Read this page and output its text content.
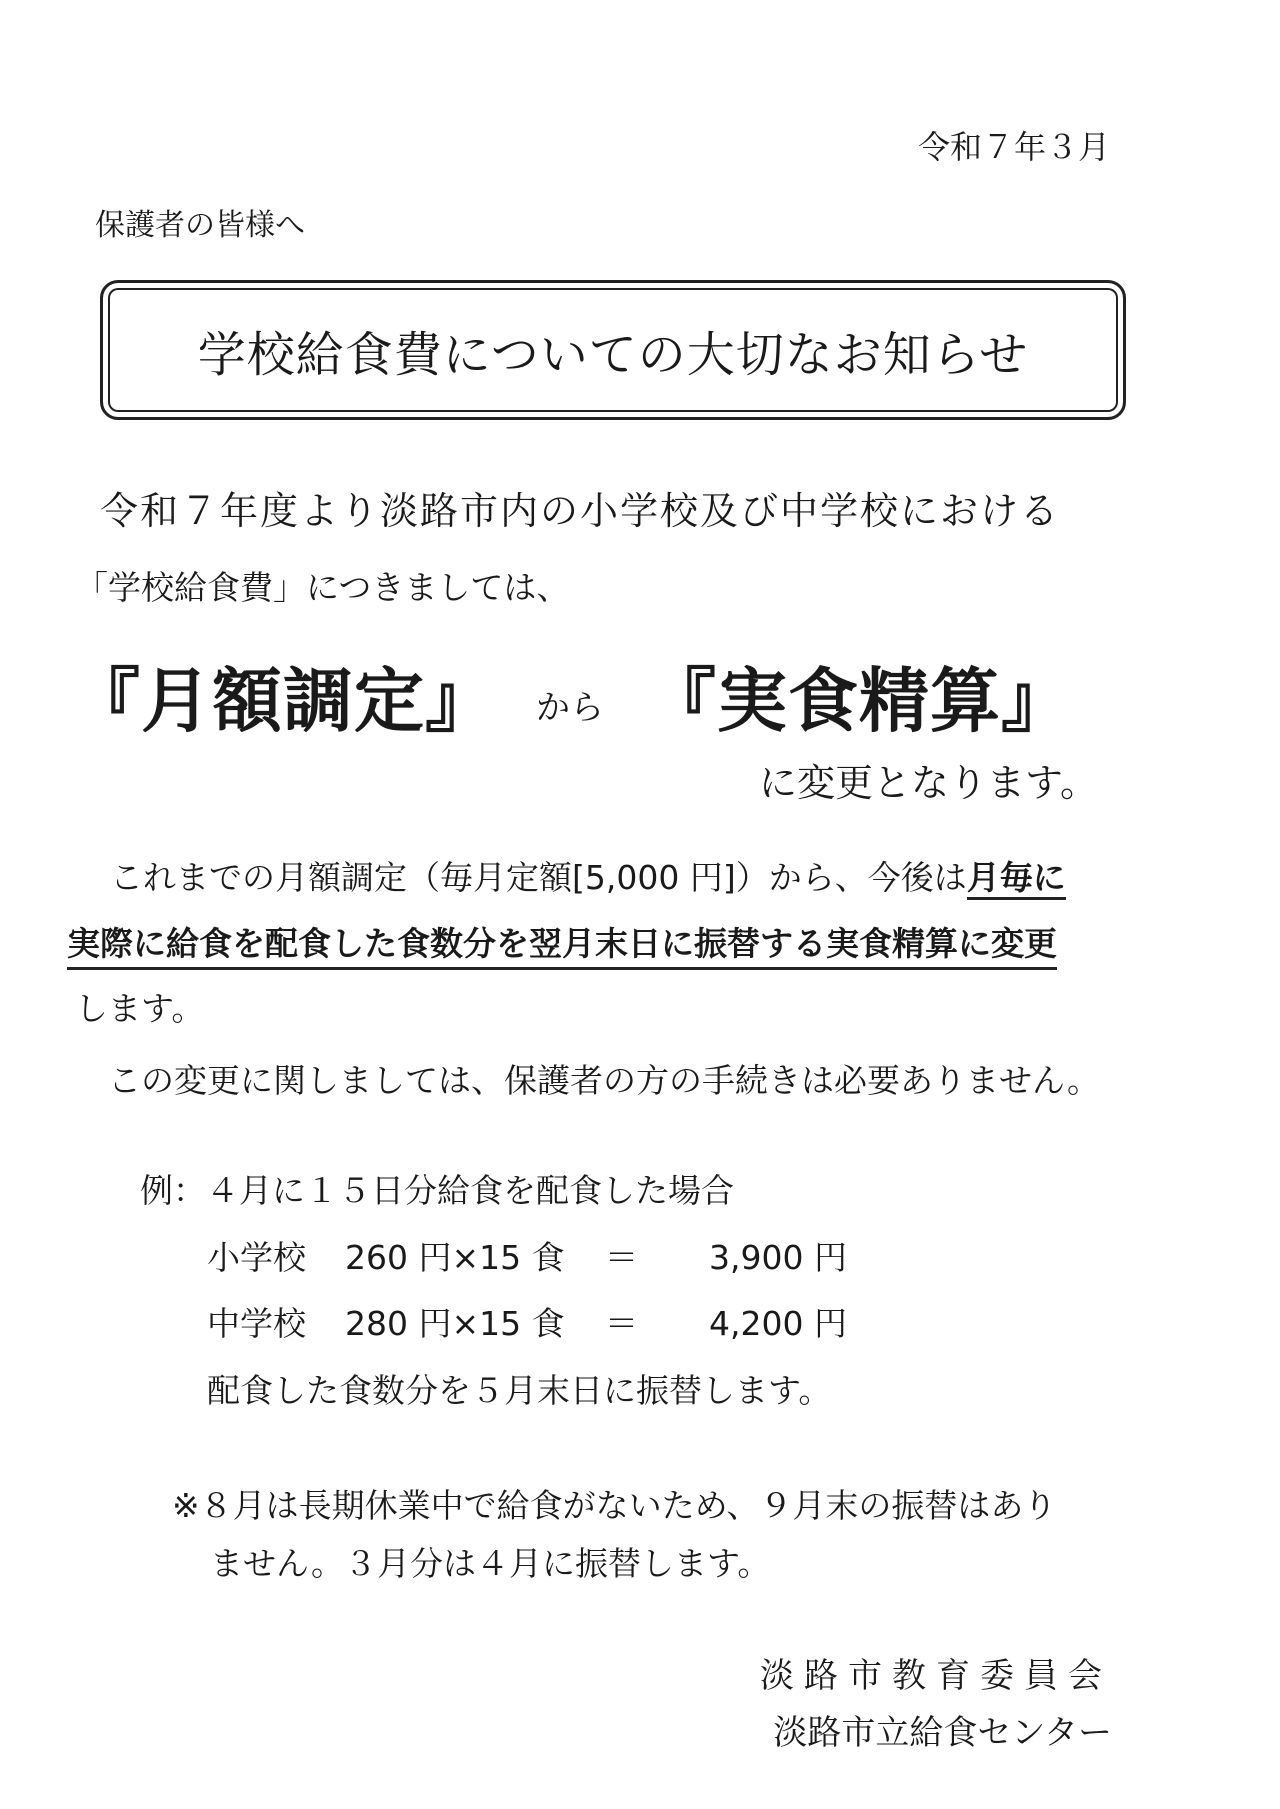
令和７年３月
保護者の皆様へ
学校給食費についての大切なお知らせ
令和７年度より淡路市内の小学校及び中学校における
「学校給食費」につきましては、
『月額調定』 から 『実食精算』
に変更となります。
これまでの月額調定（毎月定額[5,000 円]）から、今後は月毎に
実際に給食を配食した食数分を翌月末日に振替する実食精算に変更
します。
この変更に関しましては、保護者の方の手続きは必要ありません。
例：４月に１５日分給食を配食した場合
小学校	260 円×15 食	＝	3,900 円
中学校	280 円×15 食	＝	4,200 円
配食した食数分を５月末日に振替します。
※８月は長期休業中で給食がないため、９月末の振替はあり
ません。３月分は４月に振替します。
淡路市教育委員会
淡路市立給食センター
